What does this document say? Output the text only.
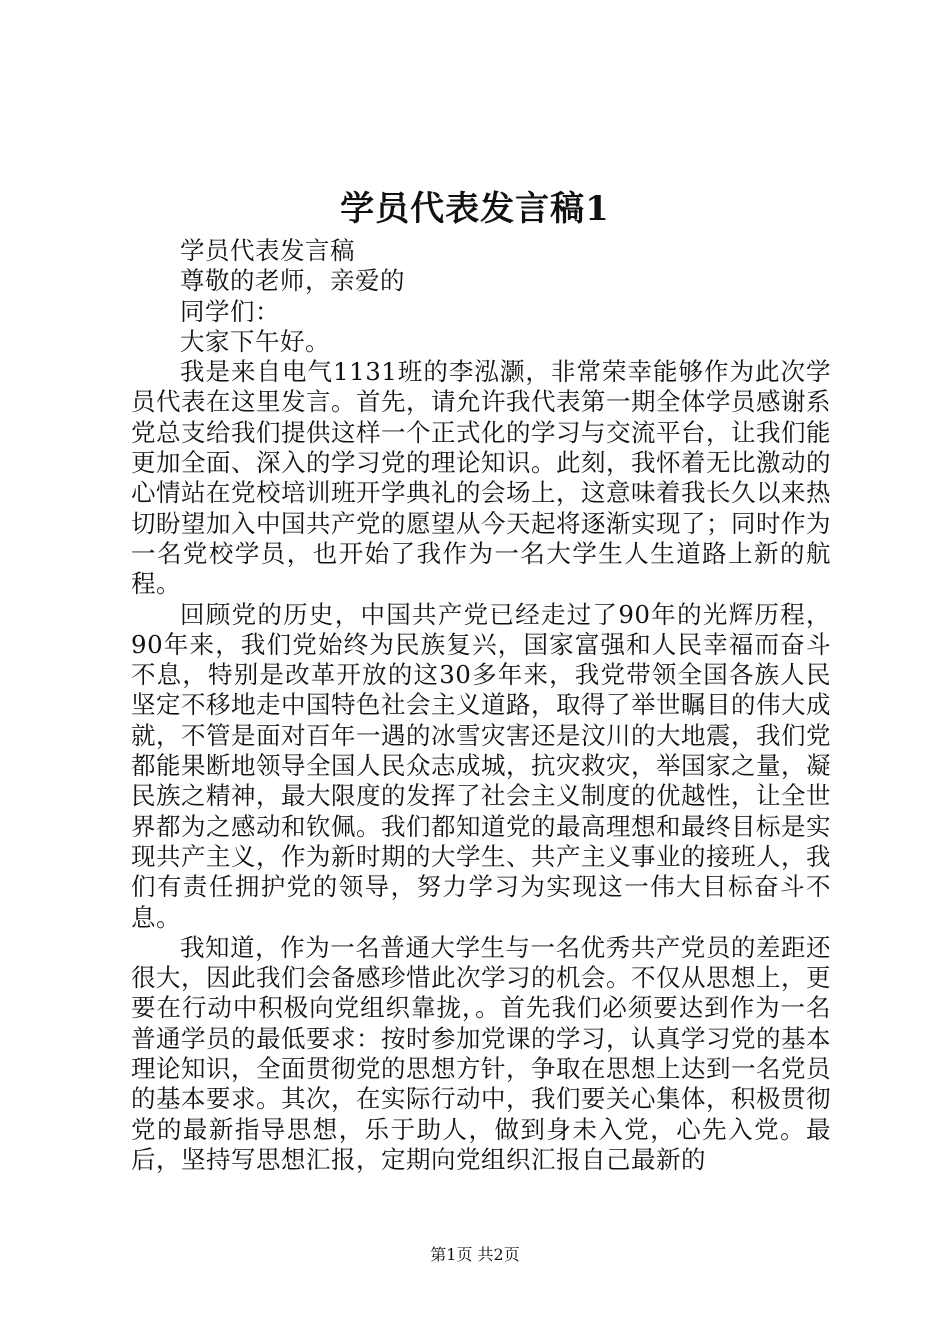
学员代表发言稿1

学员代表发言稿

尊敬的老师，亲爱的

同学们：

大家下午好。

我是来自电气1131班的李泓灏，非常荣幸能够作为此次学员代表在这里发言。首先，请允许我代表第一期全体学员感谢系党总支给我们提供这样一个正式化的学习与交流平台，让我们能更加全面、深入的学习党的理论知识。此刻，我怀着无比激动的心情站在党校培训班开学典礼的会场上，这意味着我长久以来热切盼望加入中国共产党的愿望从今天起将逐渐实现了；同时作为一名党校学员，也开始了我作为一名大学生人生道路上新的航程。

回顾党的历史，中国共产党已经走过了90年的光辉历程，90年来，我们党始终为民族复兴，国家富强和人民幸福而奋斗不息，特别是改革开放的这30多年来，我党带领全国各族人民坚定不移地走中国特色社会主义道路，取得了举世瞩目的伟大成就，不管是面对百年一遇的冰雪灾害还是汶川的大地震，我们党都能果断地领导全国人民众志成城，抗灾救灾，举国家之量，凝民族之精神，最大限度的发挥了社会主义制度的优越性，让全世界都为之感动和钦佩。我们都知道党的最高理想和最终目标是实现共产主义，作为新时期的大学生、共产主义事业的接班人，我们有责任拥护党的领导，努力学习为实现这一伟大目标奋斗不息。

我知道，作为一名普通大学生与一名优秀共产党员的差距还很大，因此我们会备感珍惜此次学习的机会。不仅从思想上，更要在行动中积极向党组织靠拢，。首先我们必须要达到作为一名普通学员的最低要求：按时参加党课的学习，认真学习党的基本理论知识，全面贯彻党的思想方针，争取在思想上达到一名党员的基本要求。其次，在实际行动中，我们要关心集体，积极贯彻党的最新指导思想，乐于助人，做到身未入党，心先入党。最后，坚持写思想汇报，定期向党组织汇报自己最新的

第1页 共2页
